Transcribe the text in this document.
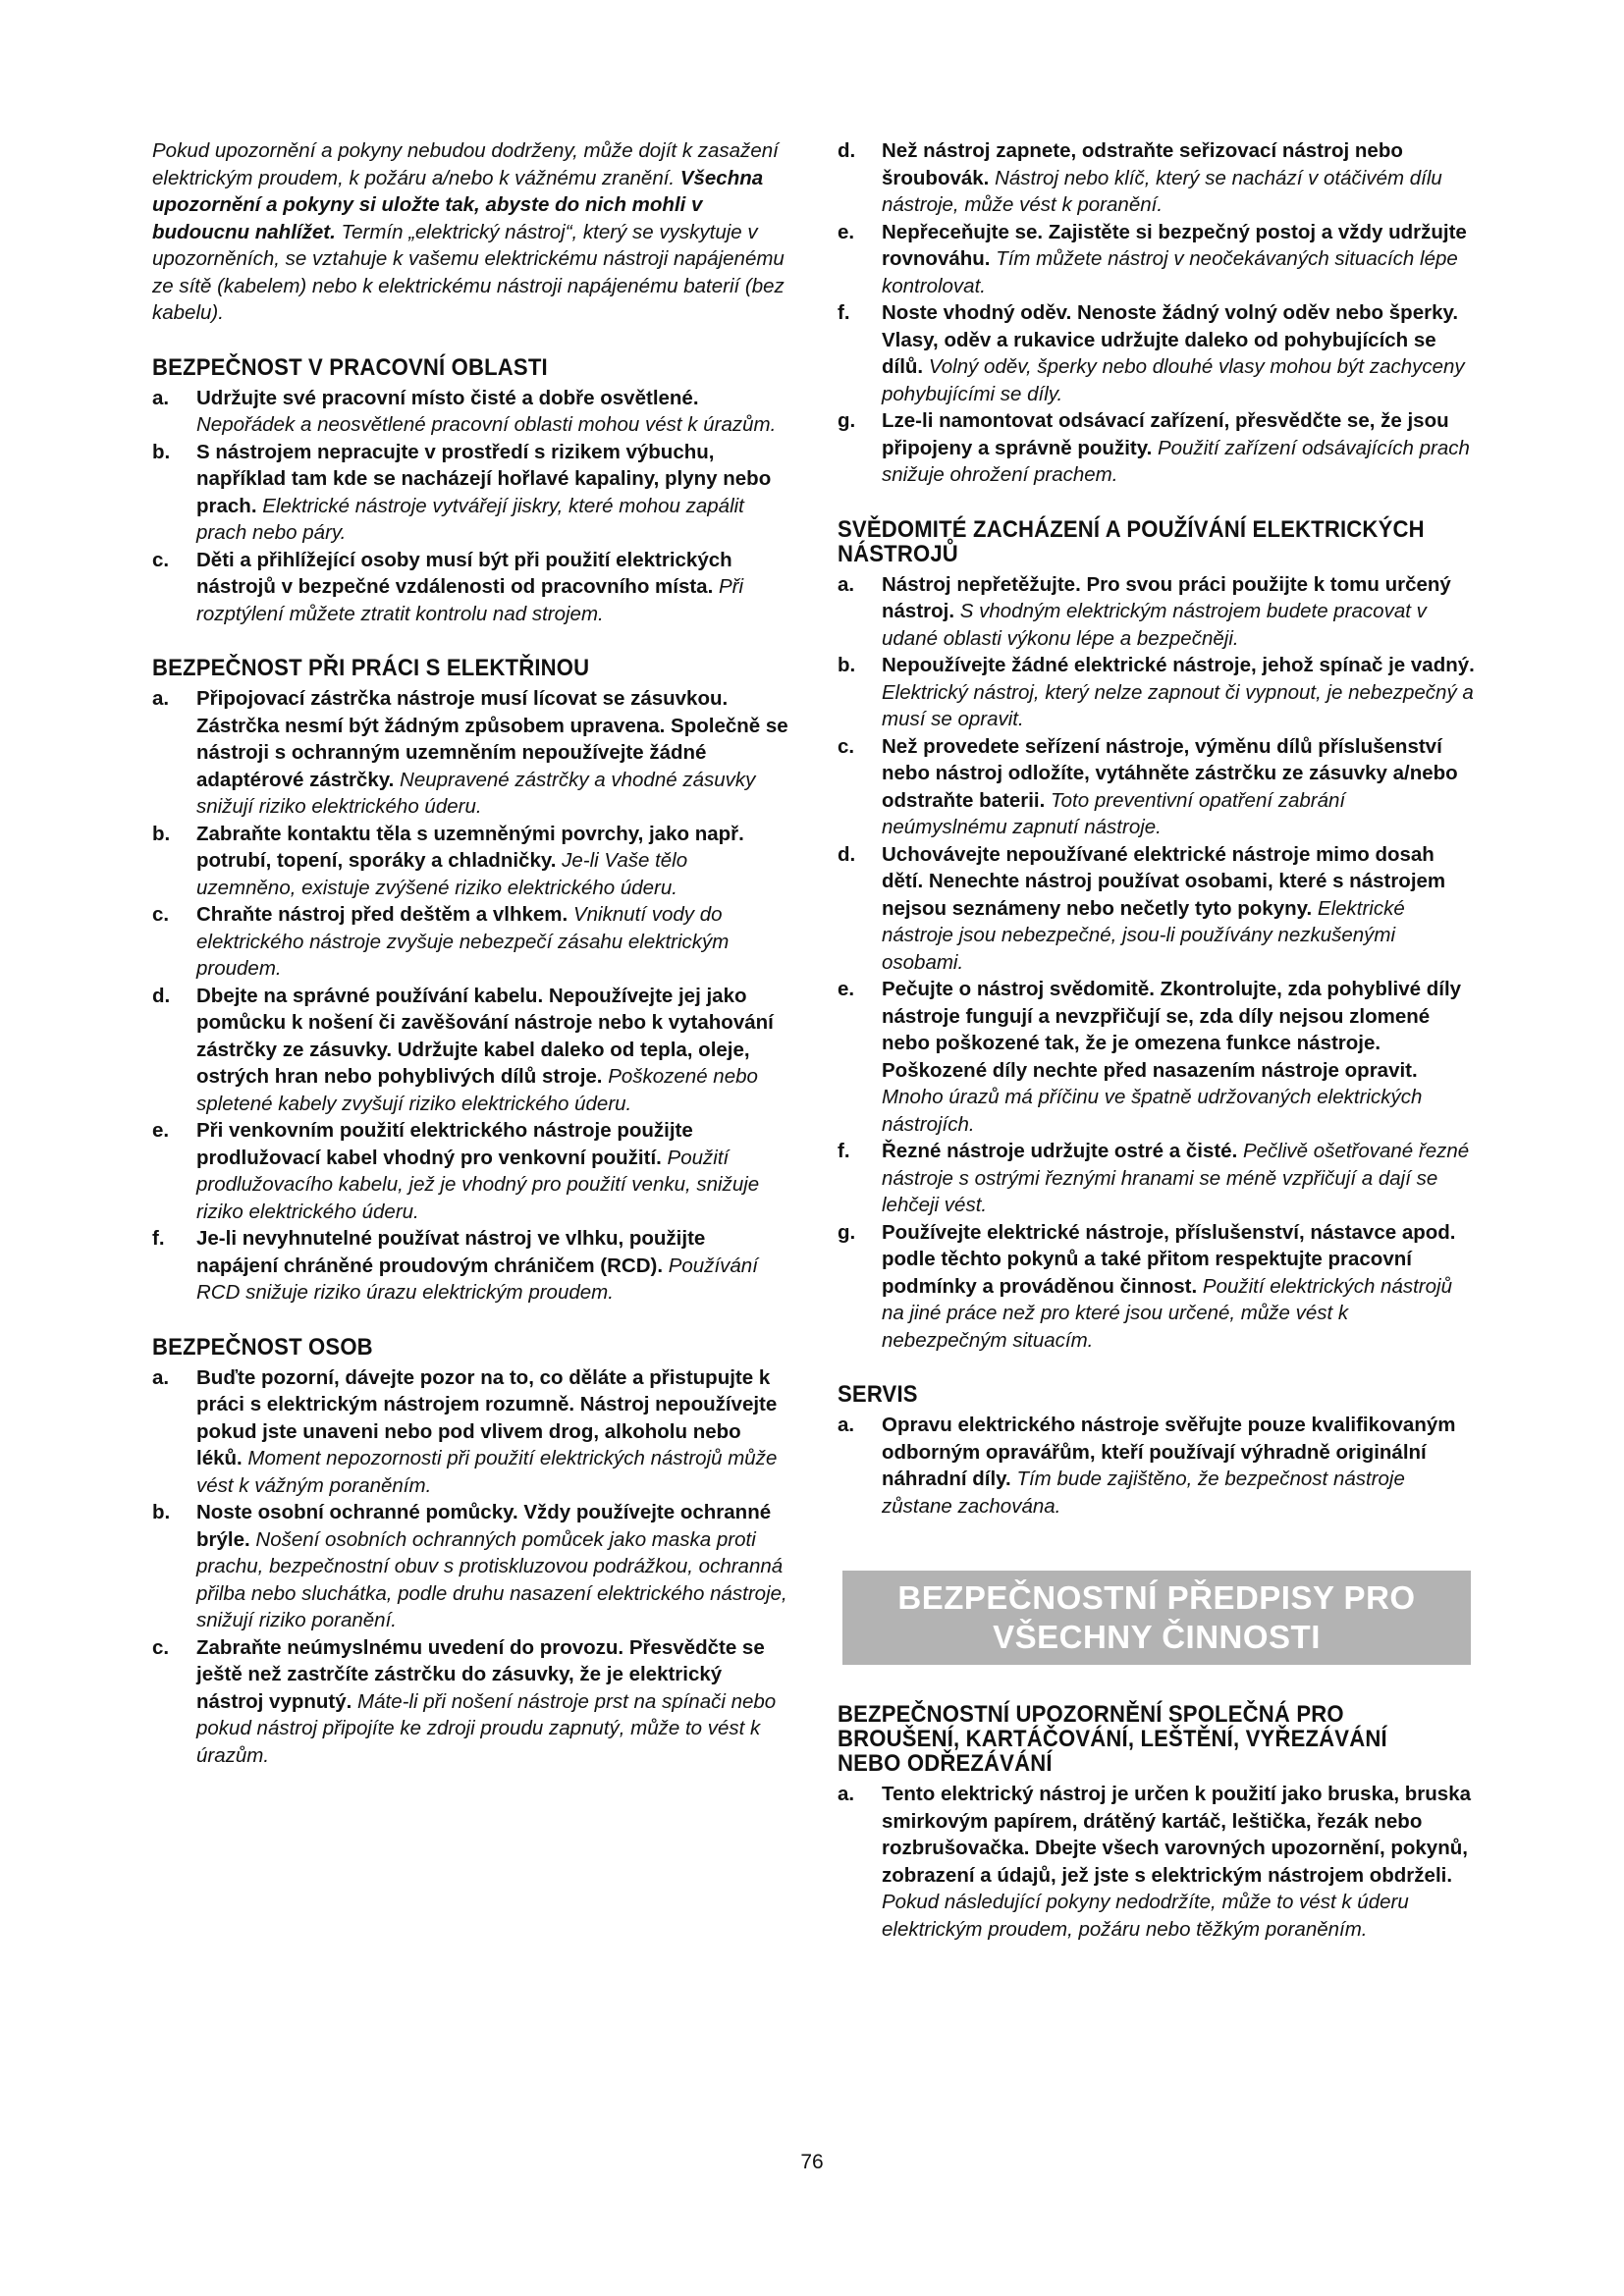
Pokud upozornění a pokyny nebudou dodrženy, může dojít k zasažení elektrickým proudem, k požáru a/nebo k vážnému zranění. Všechna upozornění a pokyny si uložte tak, abyste do nich mohli v budoucnu nahlížet. Termín „elektrický nástroj“, který se vyskytuje v upozorněních, se vztahuje k vašemu elektrickému nástroji napájenému ze sítě (kabelem) nebo k elektrickému nástroji napájenému baterií (bez kabelu).

BEZPEČNOST V PRACOVNÍ OBLASTI
a. Udržujte své pracovní místo čisté a dobře osvětlené. Nepořádek a neosvětlené pracovní oblasti mohou vést k úrazům.
b. S nástrojem nepracujte v prostředí s rizikem výbuchu, například tam kde se nacházejí hořlavé kapaliny, plyny nebo prach. Elektrické nástroje vytvářejí jiskry, které mohou zapálit prach nebo páry.
c. Děti a přihlížející osoby musí být při použití elektrických nástrojů v bezpečné vzdálenosti od pracovního místa. Při rozptýlení můžete ztratit kontrolu nad strojem.
BEZPEČNOST PŘI PRÁCI S ELEKTŘINOU
a. Připojovací zástrčka nástroje musí lícovat se zásuvkou. Zástrčka nesmí být žádným způsobem upravena. Společně se nástroji s ochranným uzemněním nepoužívejte žádné adaptérové zástrčky. Neupravené zástrčky a vhodné zásuvky snižují riziko elektrického úderu.
b. Zabraňte kontaktu těla s uzemněnými povrchy, jako např. potrubí, topení, sporáky a chladničky. Je-li Vaše tělo uzemněno, existuje zvýšené riziko elektrického úderu.
c. Chraňte nástroj před deštěm a vlhkem. Vniknutí vody do elektrického nástroje zvyšuje nebezpečí zásahu elektrickým proudem.
d. Dbejte na správné používání kabelu. Nepoužívejte jej jako pomůcku k nošení či zavěšování nástroje nebo k vytahování zástrčky ze zásuvky. Udržujte kabel daleko od tepla, oleje, ostrých hran nebo pohyblivých dílů stroje. Poškozené nebo spletené kabely zvyšují riziko elektrického úderu.
e. Při venkovním použití elektrického nástroje použijte prodlužovací kabel vhodný pro venkovní použití. Použití prodlužovacího kabelu, jež je vhodný pro použití venku, snižuje riziko elektrického úderu.
f. Je-li nevyhnutelné používat nástroj ve vlhku, použijte napájení chráněné proudovým chráničem (RCD). Používání RCD snižuje riziko úrazu elektrickým proudem.
BEZPEČNOST OSOB
a. Buďte pozorní, dávejte pozor na to, co děláte a přistupujte k práci s elektrickým nástrojem rozumně. Nástroj nepoužívejte pokud jste unaveni nebo pod vlivem drog, alkoholu nebo léků. Moment nepozornosti při použití elektrických nástrojů může vést k vážným poraněním.
b. Noste osobní ochranné pomůcky. Vždy používejte ochranné brýle. Nošení osobních ochranných pomůcek jako maska proti prachu, bezpečnostní obuv s protiskluzovou podrážkou, ochranná přilba nebo sluchátka, podle druhu nasazení elektrického nástroje, snižují riziko poranění.
c. Zabraňte neúmyslnému uvedení do provozu. Přesvědčte se ještě než zastrčíte zástrčku do zásuvky, že je elektrický nástroj vypnutý. Máte-li při nošení nástroje prst na spínači nebo pokud nástroj připojíte ke zdroji proudu zapnutý, může to vést k úrazům.
d. Než nástroj zapnete, odstraňte seřizovací nástroj nebo šroubovák. Nástroj nebo klíč, který se nachází v otáčivém dílu nástroje, může vést k poranění.
e. Nepřeceňujte se. Zajistěte si bezpečný postoj a vždy udržujte rovnováhu. Tím můžete nástroj v neočekávaných situacích lépe kontrolovat.
f. Noste vhodný oděv. Nenoste žádný volný oděv nebo šperky. Vlasy, oděv a rukavice udržujte daleko od pohybujících se dílů. Volný oděv, šperky nebo dlouhé vlasy mohou být zachyceny pohybujícími se díly.
g. Lze-li namontovat odsávací zařízení, přesvědčte se, že jsou připojeny a správně použity. Použití zařízení odsávajících prach snižuje ohrožení prachem.
SVĚDOMITÉ ZACHÁZENÍ A POUŽÍVÁNÍ ELEKTRICKÝCH NÁSTROJŮ
a. Nástroj nepřetěžujte. Pro svou práci použijte k tomu určený nástroj. S vhodným elektrickým nástrojem budete pracovat v udané oblasti výkonu lépe a bezpečněji.
b. Nepoužívejte žádné elektrické nástroje, jehož spínač je vadný. Elektrický nástroj, který nelze zapnout či vypnout, je nebezpečný a musí se opravit.
c. Než provedete seřízení nástroje, výměnu dílů příslušenství nebo nástroj odložíte, vytáhněte zástrčku ze zásuvky a/nebo odstraňte baterii. Toto preventivní opatření zabrání neúmyslnému zapnutí nástroje.
d. Uchovávejte nepoužívané elektrické nástroje mimo dosah dětí. Nenechte nástroj používat osobami, které s nástrojem nejsou seznámeny nebo nečetly tyto pokyny. Elektrické nástroje jsou nebezpečné, jsou-li používány nezkušenými osobami.
e. Pečujte o nástroj svědomitě. Zkontrolujte, zda pohyblivé díly nástroje fungují a nevzpřičují se, zda díly nejsou zlomené nebo poškozené tak, že je omezena funkce nástroje. Poškozené díly nechte před nasazením nástroje opravit. Mnoho úrazů má příčinu ve špatně udržovaných elektrických nástrojích.
f. Řezné nástroje udržujte ostré a čisté. Pečlivě ošetřované řezné nástroje s ostrými řeznými hranami se méně vzpřičují a dají se lehčeji vést.
g. Používejte elektrické nástroje, příslušenství, nástavce apod. podle těchto pokynů a také přitom respektujte pracovní podmínky a prováděnou činnost. Použití elektrických nástrojů na jiné práce než pro které jsou určené, může vést k nebezpečným situacím.
SERVIS
a. Opravu elektrického nástroje svěřujte pouze kvalifikovaným odborným opravářům, kteří používají výhradně originální náhradní díly. Tím bude zajištěno, že bezpečnost nástroje zůstane zachována.
BEZPEČNOSTNÍ PŘEDPISY PRO
VŠECHNY ČINNOSTI
BEZPEČNOSTNÍ UPOZORNĚNÍ SPOLEČNÁ PRO BROUŠENÍ, KARTÁČOVÁNÍ, LEŠTĚNÍ, VYŘEZÁVÁNÍ NEBO ODŘEZÁVÁNÍ
a. Tento elektrický nástroj je určen k použití jako bruska, bruska smirkovým papírem, drátěný kartáč, leštička, řezák nebo rozbrušovačka. Dbejte všech varovných upozornění, pokynů, zobrazení a údajů, jež jste s elektrickým nástrojem obdrželi. Pokud následující pokyny nedodržíte, může to vést k úderu elektrickým proudem, požáru nebo těžkým poraněním.
76
